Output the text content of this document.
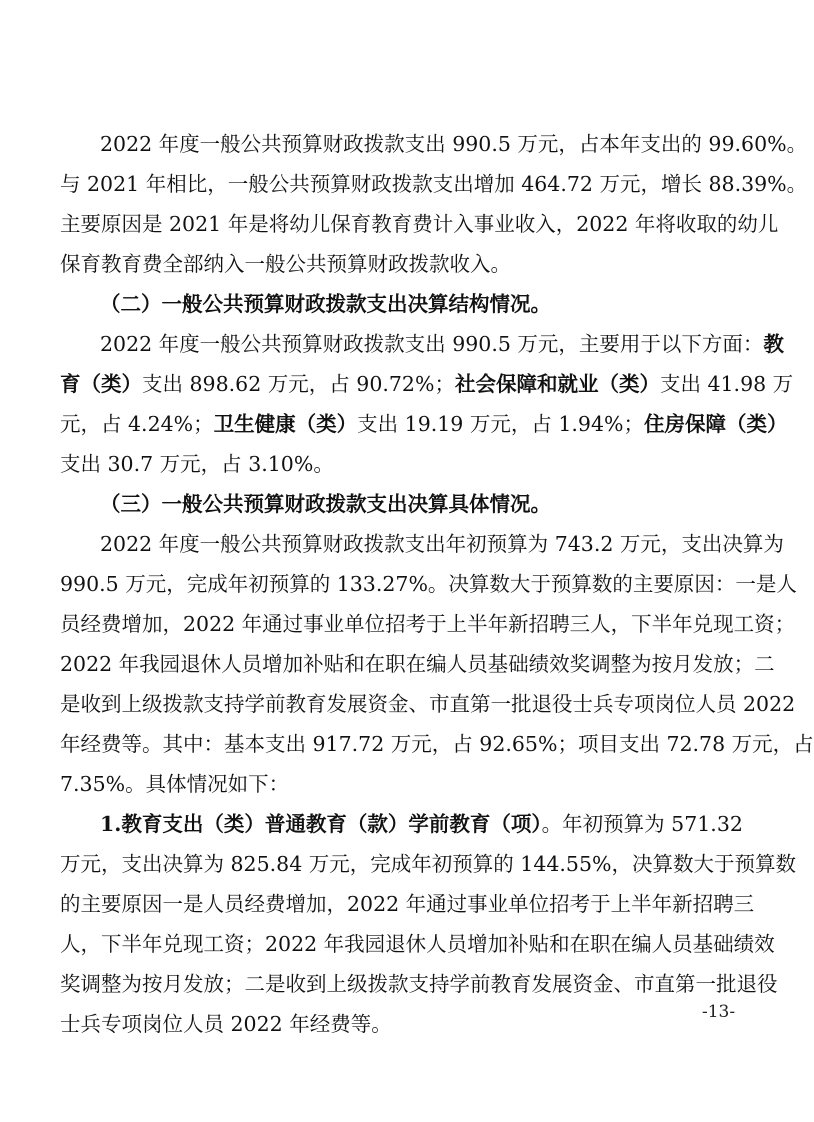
2022 年度一般公共预算财政拨款支出 990.5 万元，占本年支出的 99.60%。
与 2021 年相比，一般公共预算财政拨款支出增加 464.72 万元，增长 88.39%。
主要原因是 2021 年是将幼儿保育教育费计入事业收入，2022 年将收取的幼儿
保育教育费全部纳入一般公共预算财政拨款收入。
（二）一般公共预算财政拨款支出决算结构情况。
2022 年度一般公共预算财政拨款支出 990.5 万元，主要用于以下方面：教
育（类）支出 898.62 万元，占 90.72%；社会保障和就业（类）支出 41.98 万
元，占 4.24%；卫生健康（类）支出 19.19 万元，占 1.94%；住房保障（类）
支出 30.7 万元，占 3.10%。
（三）一般公共预算财政拨款支出决算具体情况。
2022 年度一般公共预算财政拨款支出年初预算为 743.2 万元，支出决算为
990.5 万元，完成年初预算的 133.27%。决算数大于预算数的主要原因：一是人
员经费增加，2022 年通过事业单位招考于上半年新招聘三人，下半年兑现工资；
2022 年我园退休人员增加补贴和在职在编人员基础绩效奖调整为按月发放；二
是收到上级拨款支持学前教育发展资金、市直第一批退役士兵专项岗位人员 2022
年经费等。其中：基本支出 917.72 万元，占 92.65%；项目支出 72.78 万元，占
7.35%。具体情况如下：
1.教育支出（类）普通教育（款）学前教育（项）。年初预算为 571.32
万元，支出决算为 825.84 万元，完成年初预算的 144.55%，决算数大于预算数
的主要原因一是人员经费增加，2022 年通过事业单位招考于上半年新招聘三
人，下半年兑现工资；2022 年我园退休人员增加补贴和在职在编人员基础绩效
奖调整为按月发放；二是收到上级拨款支持学前教育发展资金、市直第一批退役
士兵专项岗位人员 2022 年经费等。	-13-
